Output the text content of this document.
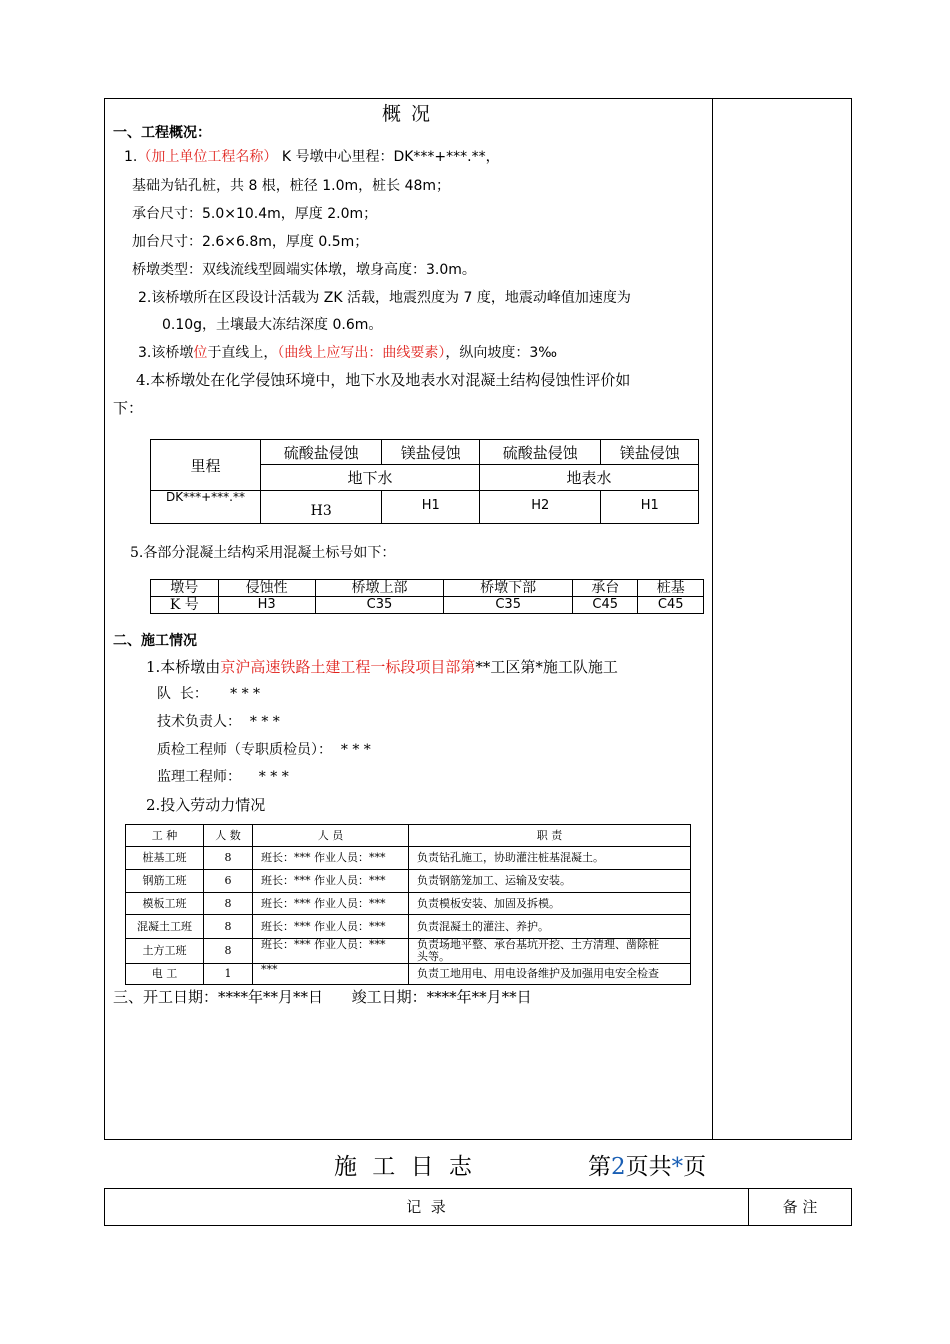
概 况
一、工程概况：
1.（加上单位工程名称） K 号墩中心里程：DK***+***.**，
基础为钻孔桩，共 8 根，桩径 1.0m，桩长 48m；
承台尺寸：5.0×10.4m，厚度 2.0m；
加台尺寸：2.6×6.8m，厚度 0.5m；
桥墩类型：双线流线型圆端实体墩，墩身高度：3.0m。
2.该桥墩所在区段设计活载为 ZK 活载，地震烈度为 7 度，地震动峰值加速度为
0.10g，土壤最大冻结深度 0.6m。
3.该桥墩位于直线上，（曲线上应写出：曲线要素），纵向坡度：3‰
4.本桥墩处在化学侵蚀环境中，地下水及地表水对混凝土结构侵蚀性评价如
下：
里程	硫酸盐侵蚀	镁盐侵蚀	硫酸盐侵蚀	镁盐侵蚀
	地下水		地表水	
DK***+***.**	H3	H1	H2	H1
5.各部分混凝土结构采用混凝土标号如下：
墩号	侵蚀性	桥墩上部	桥墩下部	承台	桩基
K 号	H3	C35	C35	C45	C45
二、施工情况
1.本桥墩由京沪高速铁路土建工程一标段项目部第**工区第*施工队施工
队  长：     * * *
技术负责人：  * * *
质检工程师（专职质检员）：  * * *
监理工程师：    * * *
2.投入劳动力情况
工 种	人 数	人 员	职 责
桩基工班	8	班长：*** 作业人员：***	负责钻孔施工，协助灌注桩基混凝土。
钢筋工班	6	班长：*** 作业人员：***	负责钢筋笼加工、运输及安装。
模板工班	8	班长：*** 作业人员：***	负责模板安装、加固及拆模。
混凝土工班	8	班长：*** 作业人员：***	负责混凝土的灌注、养护。
土方工班	8	班长：*** 作业人员：***	负责场地平整、承台基坑开挖、土方清理、凿除桩头等。
电 工	1	***	负责工地用电、用电设备维护及加强用电安全检查
三、开工日期：****年**月**日      竣工日期：****年**月**日
施 工 日 志	第2页共*页
记  录	备 注
